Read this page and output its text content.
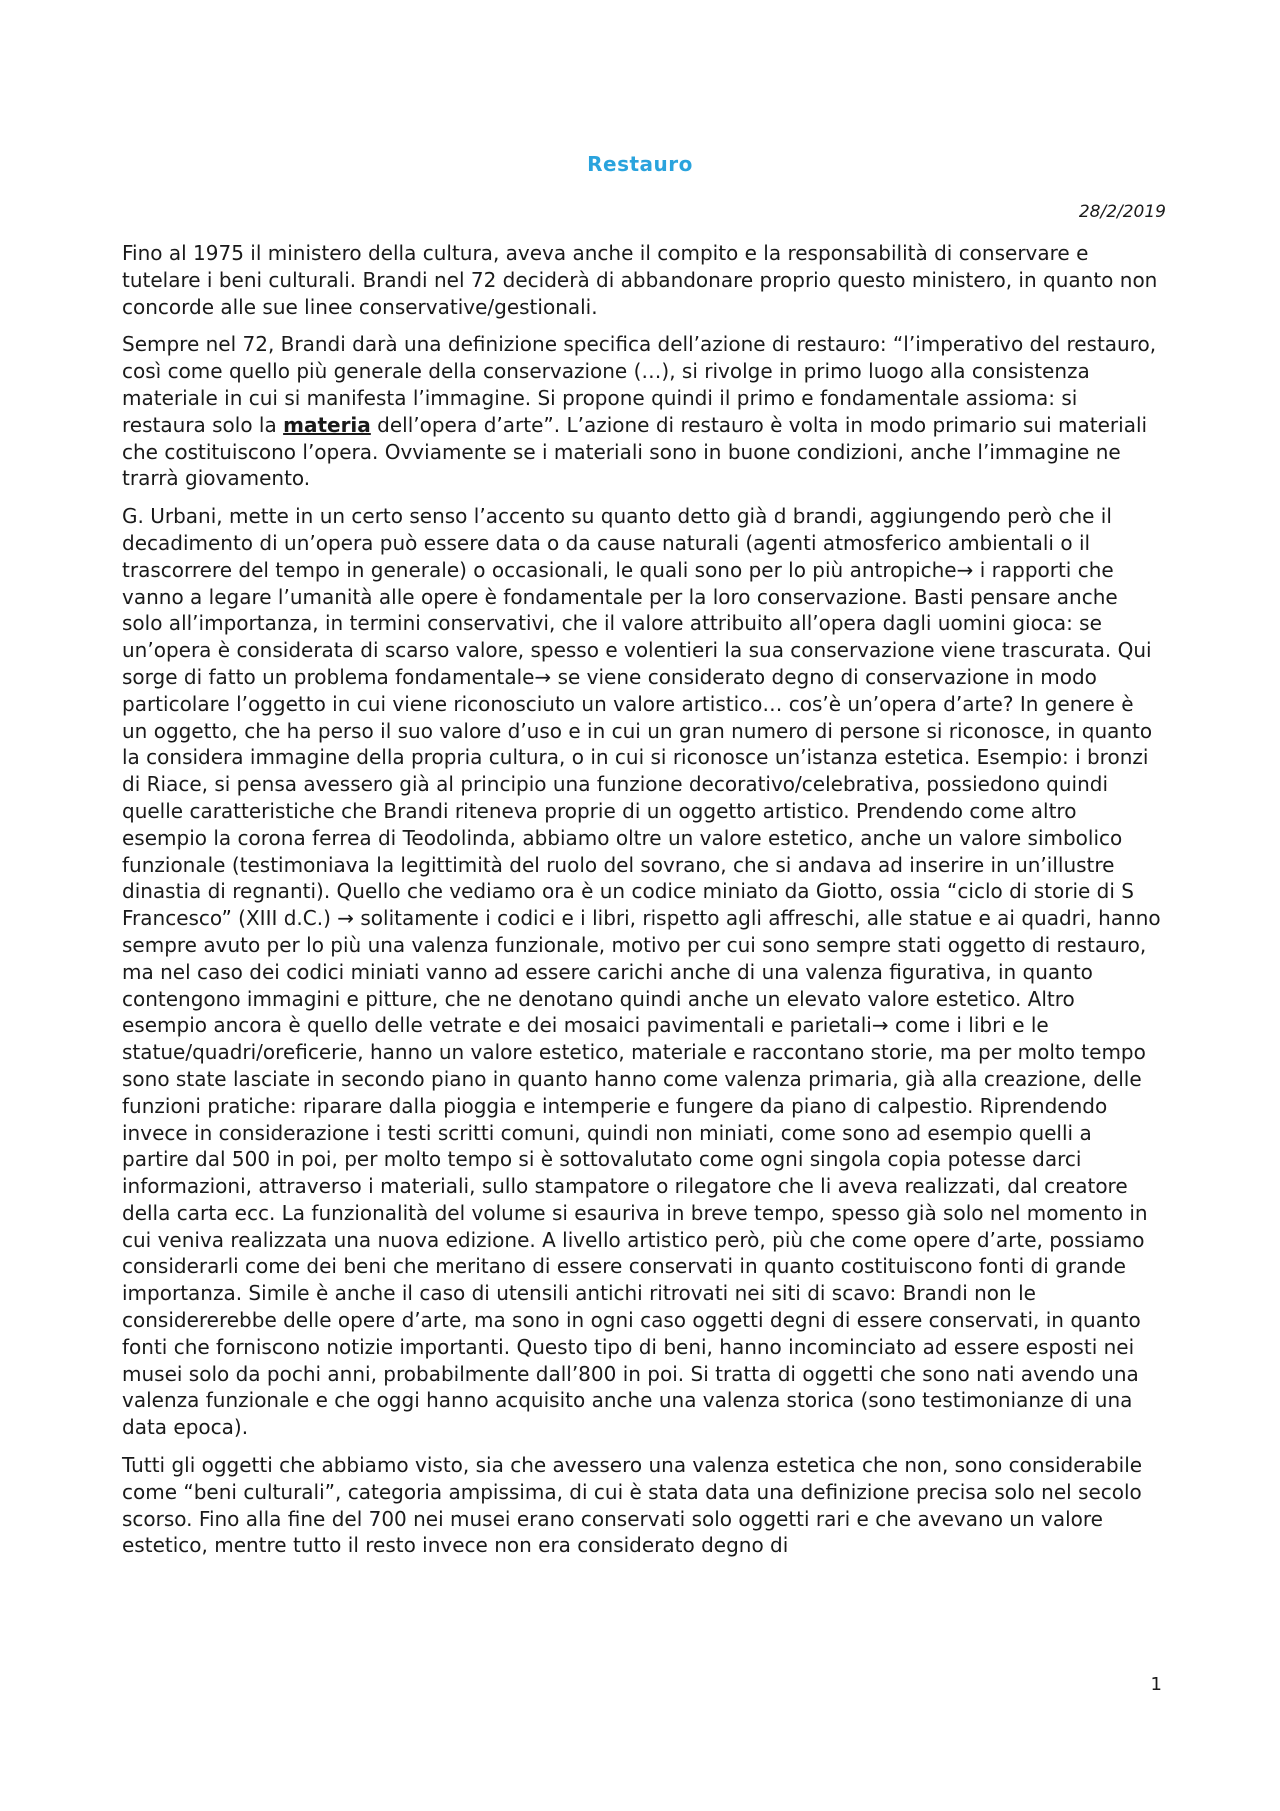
Restauro
28/2/2019

Fino al 1975 il ministero della cultura, aveva anche il compito e la responsabilità di conservare e tutelare i beni culturali. Brandi nel 72 deciderà di abbandonare proprio questo ministero, in quanto non concorde alle sue linee conservative/gestionali.

Sempre nel 72, Brandi darà una definizione specifica dell’azione di restauro: “l’imperativo del restauro, così come quello più generale della conservazione (…), si rivolge in primo luogo alla consistenza materiale in cui si manifesta l’immagine. Si propone quindi il primo e fondamentale assioma: si restaura solo la materia dell’opera d’arte”. L’azione di restauro è volta in modo primario sui materiali che costituiscono l’opera. Ovviamente se i materiali sono in buone condizioni, anche l’immagine ne trarrà giovamento.

G. Urbani, mette in un certo senso l’accento su quanto detto già d brandi, aggiungendo però che il decadimento di un’opera può essere data o da cause naturali (agenti atmosferico ambientali o il trascorrere del tempo in generale) o occasionali, le quali sono per lo più antropiche→ i rapporti che vanno a legare l’umanità alle opere è fondamentale per la loro conservazione. Basti pensare anche solo all’importanza, in termini conservativi, che il valore attribuito all’opera dagli uomini gioca: se un’opera è considerata di scarso valore, spesso e volentieri la sua conservazione viene trascurata. Qui sorge di fatto un problema fondamentale→ se viene considerato degno di conservazione in modo particolare l’oggetto in cui viene riconosciuto un valore artistico… cos’è un’opera d’arte? In genere è un oggetto, che ha perso il suo valore d’uso e in cui un gran numero di persone si riconosce, in quanto la considera immagine della propria cultura, o in cui si riconosce un’istanza estetica. Esempio: i bronzi di Riace, si pensa avessero già al principio una funzione decorativo/celebrativa, possiedono quindi quelle caratteristiche che Brandi riteneva proprie di un oggetto artistico. Prendendo come altro esempio la corona ferrea di Teodolinda, abbiamo oltre un valore estetico, anche un valore simbolico funzionale (testimoniava la legittimità del ruolo del sovrano, che si andava ad inserire in un’illustre dinastia di regnanti). Quello che vediamo ora è un codice miniato da Giotto, ossia “ciclo di storie di S Francesco” (XIII d.C.) → solitamente i codici e i libri, rispetto agli affreschi, alle statue e ai quadri, hanno sempre avuto per lo più una valenza funzionale, motivo per cui sono sempre stati oggetto di restauro, ma nel caso dei codici miniati vanno ad essere carichi anche di una valenza figurativa, in quanto contengono immagini e pitture, che ne denotano quindi anche un elevato valore estetico. Altro esempio ancora è quello delle vetrate e dei mosaici pavimentali e parietali→ come i libri e le statue/quadri/oreficerie, hanno un valore estetico, materiale e raccontano storie, ma per molto tempo sono state lasciate in secondo piano in quanto hanno come valenza primaria, già alla creazione, delle funzioni pratiche: riparare dalla pioggia e intemperie e fungere da piano di calpestio. Riprendendo invece in considerazione i testi scritti comuni, quindi non miniati, come sono ad esempio quelli a partire dal 500 in poi, per molto tempo si è sottovalutato come ogni singola copia potesse darci informazioni, attraverso i materiali, sullo stampatore o rilegatore che li aveva realizzati, dal creatore della carta ecc. La funzionalità del volume si esauriva in breve tempo, spesso già solo nel momento in cui veniva realizzata una nuova edizione. A livello artistico però, più che come opere d’arte, possiamo considerarli come dei beni che meritano di essere conservati in quanto costituiscono fonti di grande importanza. Simile è anche il caso di utensili antichi ritrovati nei siti di scavo: Brandi non le considererebbe delle opere d’arte, ma sono in ogni caso oggetti degni di essere conservati, in quanto fonti che forniscono notizie importanti. Questo tipo di beni, hanno incominciato ad essere esposti nei musei solo da pochi anni, probabilmente dall’800 in poi. Si tratta di oggetti che sono nati avendo una valenza funzionale e che oggi hanno acquisito anche una valenza storica (sono testimonianze di una data epoca).

Tutti gli oggetti che abbiamo visto, sia che avessero una valenza estetica che non, sono considerabile come “beni culturali”, categoria ampissima, di cui è stata data una definizione precisa solo nel secolo scorso. Fino alla fine del 700 nei musei erano conservati solo oggetti rari e che avevano un valore estetico, mentre tutto il resto invece non era considerato degno di

1
